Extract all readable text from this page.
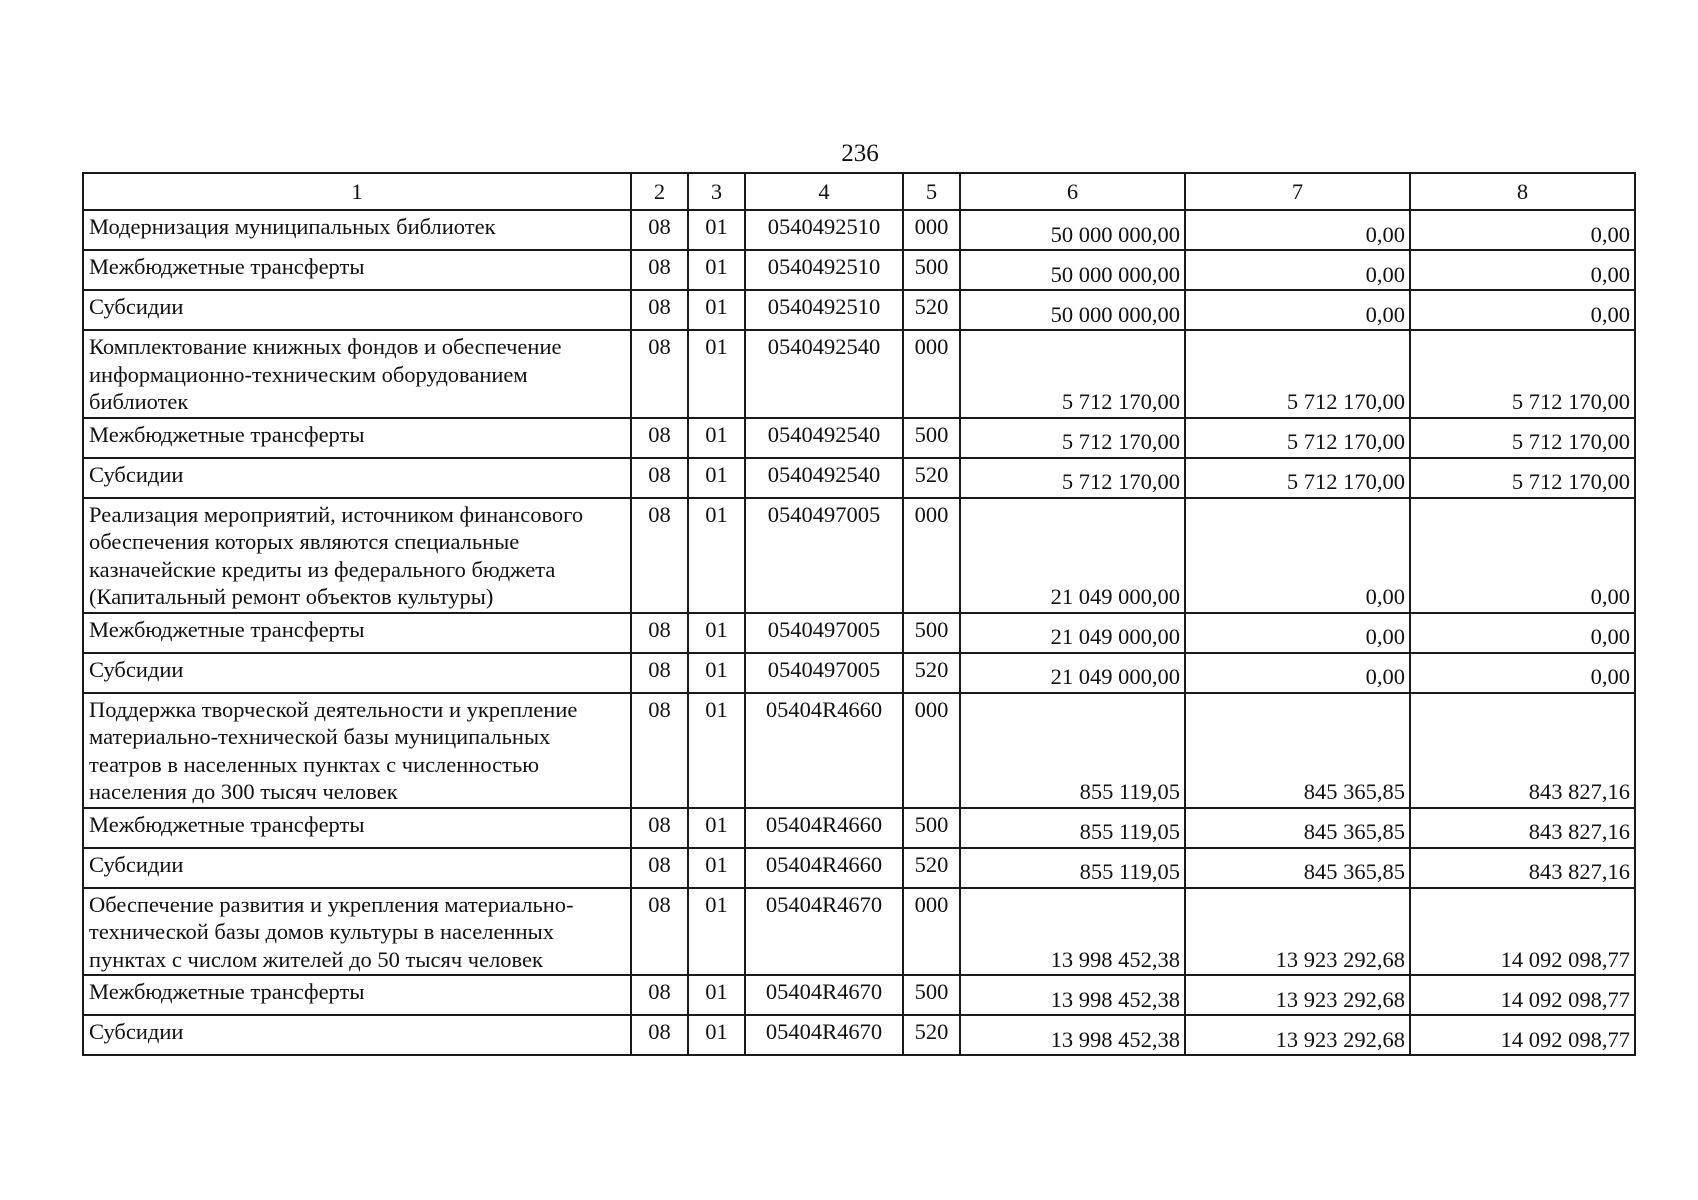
236
1	2	3	4	5	6	7	8
Модернизация муниципальных библиотек	08	01	0540492510	000	50 000 000,00	0,00	0,00
Межбюджетные трансферты	08	01	0540492510	500	50 000 000,00	0,00	0,00
Субсидии	08	01	0540492510	520	50 000 000,00	0,00	0,00
Комплектование книжных фондов и обеспечение информационно-техническим оборудованием библиотек	08	01	0540492540	000	5 712 170,00	5 712 170,00	5 712 170,00
Межбюджетные трансферты	08	01	0540492540	500	5 712 170,00	5 712 170,00	5 712 170,00
Субсидии	08	01	0540492540	520	5 712 170,00	5 712 170,00	5 712 170,00
Реализация мероприятий, источником финансового обеспечения которых являются специальные казначейские кредиты из федерального бюджета (Капитальный ремонт объектов культуры)	08	01	0540497005	000	21 049 000,00	0,00	0,00
Межбюджетные трансферты	08	01	0540497005	500	21 049 000,00	0,00	0,00
Субсидии	08	01	0540497005	520	21 049 000,00	0,00	0,00
Поддержка творческой деятельности и укрепление материально-технической базы муниципальных театров в населенных пунктах с численностью населения до 300 тысяч человек	08	01	05404R4660	000	855 119,05	845 365,85	843 827,16
Межбюджетные трансферты	08	01	05404R4660	500	855 119,05	845 365,85	843 827,16
Субсидии	08	01	05404R4660	520	855 119,05	845 365,85	843 827,16
Обеспечение развития и укрепления материально-технической базы домов культуры в населенных пунктах с числом жителей до 50 тысяч человек	08	01	05404R4670	000	13 998 452,38	13 923 292,68	14 092 098,77
Межбюджетные трансферты	08	01	05404R4670	500	13 998 452,38	13 923 292,68	14 092 098,77
Субсидии	08	01	05404R4670	520	13 998 452,38	13 923 292,68	14 092 098,77
